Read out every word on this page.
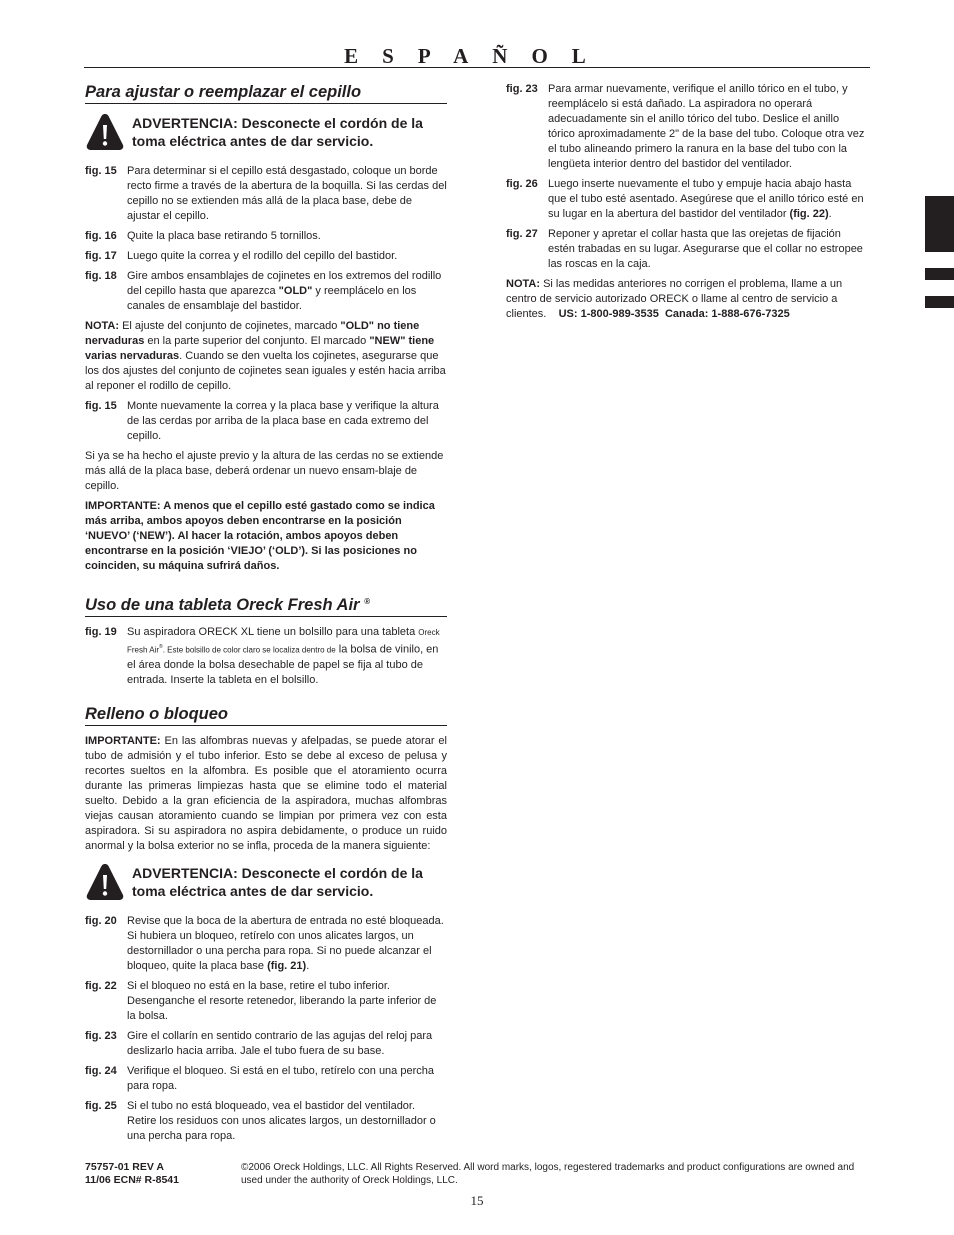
ESPAÑOL
Para ajustar o reemplazar el cepillo
ADVERTENCIA: Desconecte el cordón de la toma eléctrica antes de dar servicio.
fig. 15 Para determinar si el cepillo está desgastado, coloque un borde recto firme a través de la abertura de la boquilla. Si las cerdas del cepillo no se extienden más allá de la placa base, debe de ajustar el cepillo.
fig. 16 Quite la placa base retirando 5 tornillos.
fig. 17 Luego quite la correa y el rodillo del cepillo del bastidor.
fig. 18 Gire ambos ensamblajes de cojinetes en los extremos del rodillo del cepillo hasta que aparezca "OLD" y reemplácelo en los canales de ensamblaje del bastidor.
NOTA: El ajuste del conjunto de cojinetes, marcado "OLD" no tiene nervaduras en la parte superior del conjunto. El marcado "NEW" tiene varias nervaduras. Cuando se den vuelta los cojinetes, asegurarse que los dos ajustes del conjunto de cojinetes sean iguales y estén hacia arriba al reponer el rodillo de cepillo.
fig. 15 Monte nuevamente la correa y la placa base y verifique la altura de las cerdas por arriba de la placa base en cada extremo del cepillo.
Si ya se ha hecho el ajuste previo y la altura de las cerdas no se extiende más allá de la placa base, deberá ordenar un nuevo ensam-blaje de cepillo.
IMPORTANTE: A menos que el cepillo esté gastado como se indica más arriba, ambos apoyos deben encontrarse en la posición ‘NUEVO’ (‘NEW’). Al hacer la rotación, ambos apoyos deben encontrarse en la posición ‘VIEJO’ (‘OLD’). Si las posiciones no coinciden, su máquina sufrirá daños.
Uso de una tableta Oreck Fresh Air ®
fig. 19 Su aspiradora ORECK XL tiene un bolsillo para una tableta Oreck Fresh Air®. Este bolsillo de color claro se localiza dentro de la bolsa de vinilo, en el área donde la bolsa desechable de papel se fija al tubo de entrada. Inserte la tableta en el bolsillo.
Relleno o bloqueo
IMPORTANTE: En las alfombras nuevas y afelpadas, se puede atorar el tubo de admisión y el tubo inferior. Esto se debe al exceso de pelusa y recortes sueltos en la alfombra. Es posible que el atoramiento ocurra durante las primeras limpiezas hasta que se elimine todo el material suelto. Debido a la gran eficiencia de la aspiradora, muchas alfombras viejas causan atoramiento cuando se limpian por primera vez con esta aspiradora. Si su aspiradora no aspira debidamente, o produce un ruido anormal y la bolsa exterior no se infla, proceda de la manera siguiente:
ADVERTENCIA: Desconecte el cordón de la toma eléctrica antes de dar servicio.
fig. 20 Revise que la boca de la abertura de entrada no esté bloqueada. Si hubiera un bloqueo, retírelo con unos alicates largos, un destornillador o una percha para ropa. Si no puede alcanzar el bloqueo, quite la placa base (fig. 21).
fig. 22 Si el bloqueo no está en la base, retire el tubo inferior. Desenganche el resorte retenedor, liberando la parte inferior de la bolsa.
fig. 23 Gire el collarín en sentido contrario de las agujas del reloj para deslizarlo hacia arriba. Jale el tubo fuera de su base.
fig. 24 Verifique el bloqueo. Si está en el tubo, retírelo con una percha para ropa.
fig. 25 Si el tubo no está bloqueado, vea el bastidor del ventilador. Retire los residuos con unos alicates largos, un destornillador o una percha para ropa.
fig. 23 Para armar nuevamente, verifique el anillo tórico en el tubo, y reemplácelo si está dañado. La aspiradora no operará adecuadamente sin el anillo tórico del tubo. Deslice el anillo tórico aproximadamente 2" de la base del tubo. Coloque otra vez el tubo alineando primero la ranura en la base del tubo con la lengüeta interior dentro del bastidor del ventilador.
fig. 26 Luego inserte nuevamente el tubo y empuje hacia abajo hasta que el tubo esté asentado. Asegúrese que el anillo tórico esté en su lugar en la abertura del bastidor del ventilador (fig. 22).
fig. 27 Reponer y apretar el collar hasta que las orejetas de fijación estén trabadas en su lugar. Asegurarse que el collar no estropee las roscas en la caja.
NOTA: Si las medidas anteriores no corrigen el problema, llame a un centro de servicio autorizado ORECK o llame al centro de servicio a clientes.    US: 1-800-989-3535  Canada: 1-888-676-7325
75757-01 REV A
11/06 ECN# R-8541
©2006 Oreck Holdings, LLC. All Rights Reserved. All word marks, logos, regestered trademarks and product configurations are owned and used under the authority of Oreck Holdings, LLC.
15
